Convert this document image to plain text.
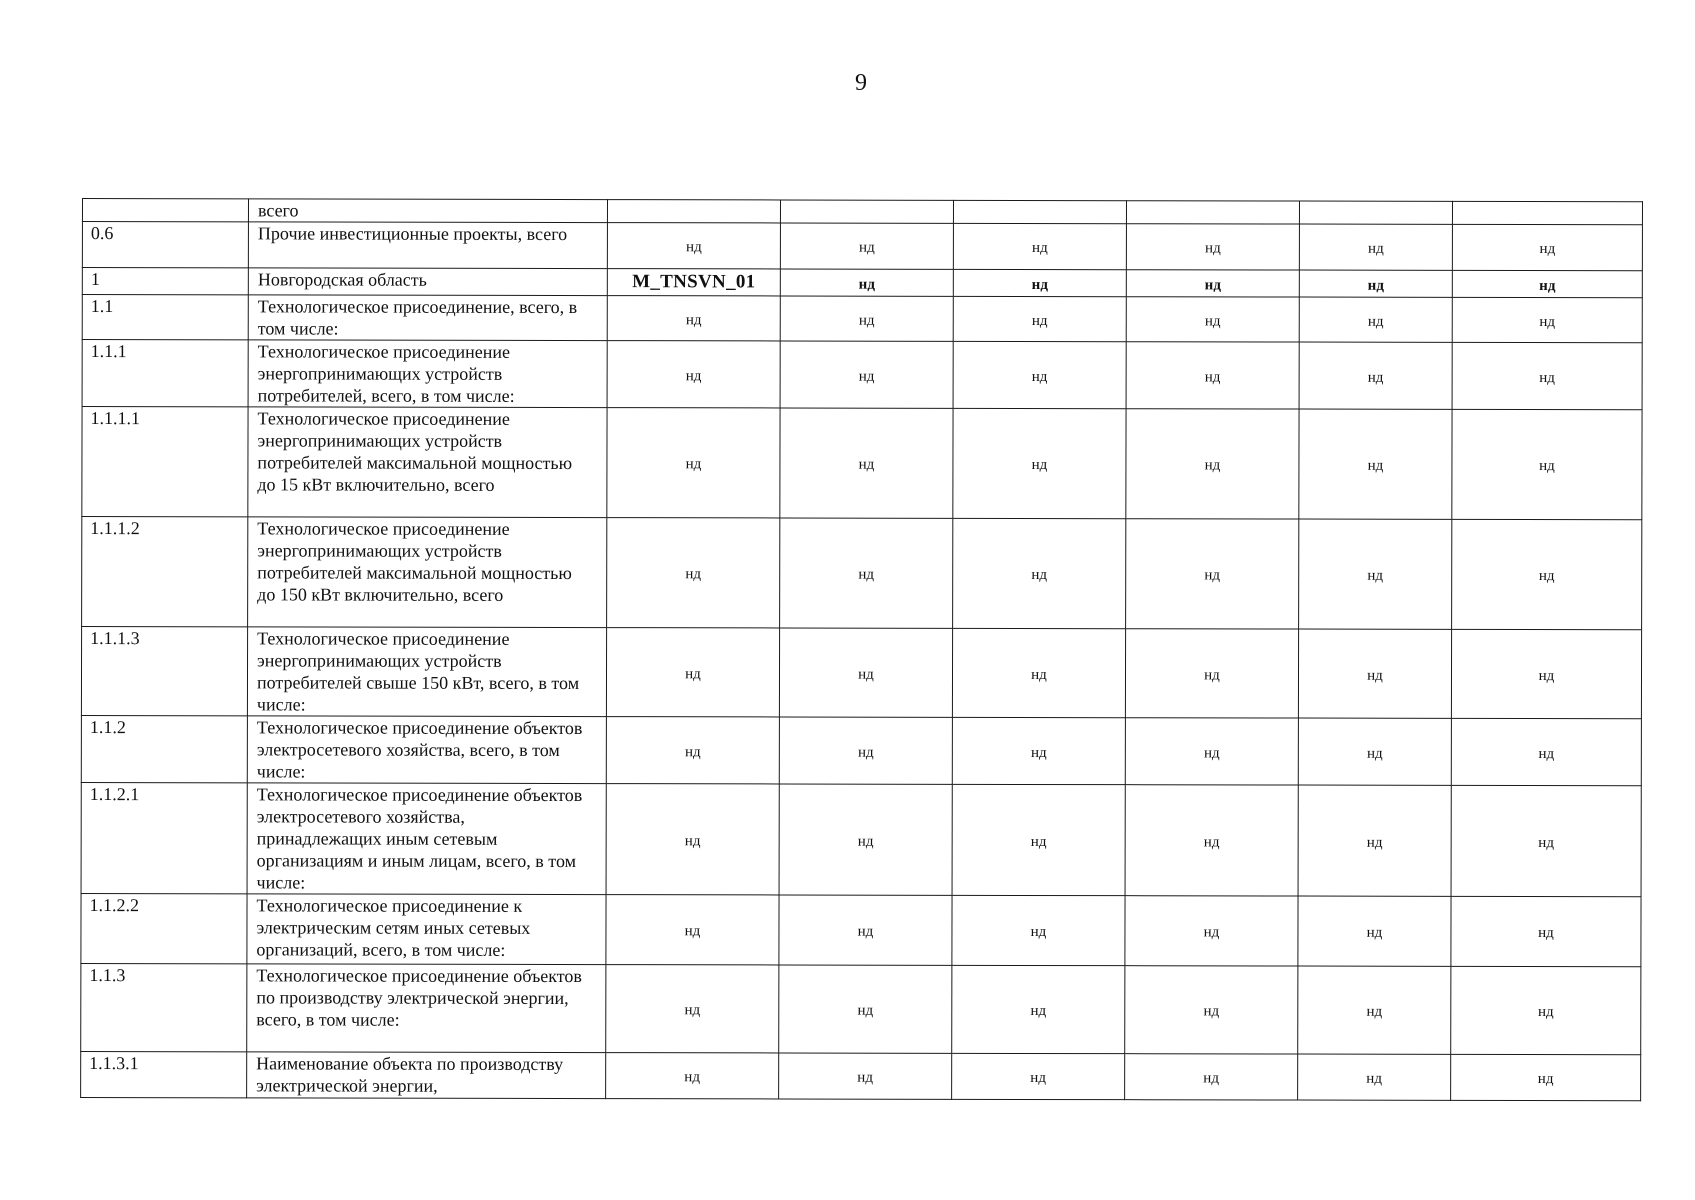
9
	всего						
0.6	Прочие инвестиционные проекты, всего	нд	нд	нд	нд	нд	нд
1	Новгородская область	M_TNSVN_01	нд	нд	нд	нд	нд
1.1	Технологическое присоединение, всего, в том числе:	нд	нд	нд	нд	нд	нд
1.1.1	Технологическое присоединение энергопринимающих устройств потребителей, всего, в том числе:	нд	нд	нд	нд	нд	нд
1.1.1.1	Технологическое присоединение энергопринимающих устройств потребителей максимальной мощностью до 15 кВт включительно, всего	нд	нд	нд	нд	нд	нд
1.1.1.2	Технологическое присоединение энергопринимающих устройств потребителей максимальной мощностью до 150 кВт включительно, всего	нд	нд	нд	нд	нд	нд
1.1.1.3	Технологическое присоединение энергопринимающих устройств потребителей свыше 150 кВт, всего, в том числе:	нд	нд	нд	нд	нд	нд
1.1.2	Технологическое присоединение объектов электросетевого хозяйства, всего, в том числе:	нд	нд	нд	нд	нд	нд
1.1.2.1	Технологическое присоединение объектов электросетевого хозяйства, принадлежащих иным сетевым организациям и иным лицам, всего, в том числе:	нд	нд	нд	нд	нд	нд
1.1.2.2	Технологическое присоединение к электрическим сетям иных сетевых организаций, всего, в том числе:	нд	нд	нд	нд	нд	нд
1.1.3	Технологическое присоединение объектов по производству электрической энергии, всего, в том числе:	нд	нд	нд	нд	нд	нд
1.1.3.1	Наименование объекта по производству электрической энергии,	нд	нд	нд	нд	нд	нд
